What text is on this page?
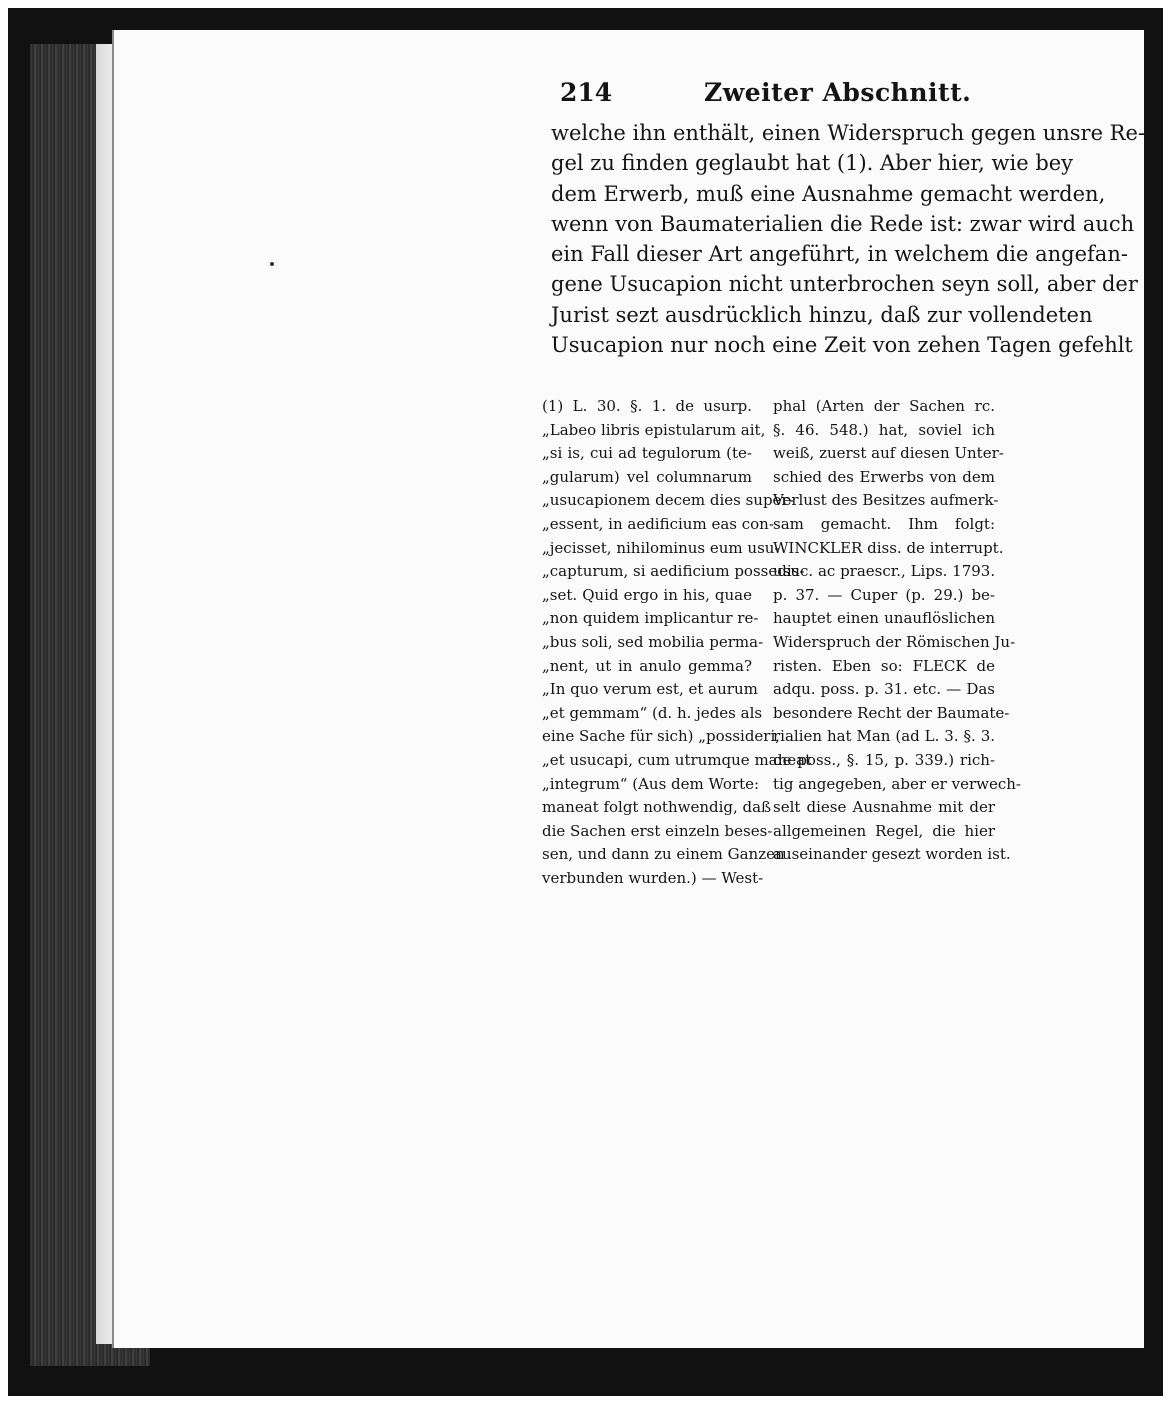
214	Zweiter Abschnitt.
welche ihn enthält, einen Widerspruch gegen unsre Re-
gel zu finden geglaubt hat (1). Aber hier, wie bey
dem Erwerb, muß eine Ausnahme gemacht werden,
wenn von Baumaterialien die Rede ist: zwar wird auch
ein Fall dieser Art angeführt, in welchem die angefan-
gene Usucapion nicht unterbrochen seyn soll, aber der
Jurist sezt ausdrücklich hinzu, daß zur vollendeten
Usucapion nur noch eine Zeit von zehen Tagen gefehlt
(1) L. 30. §. 1. de usurp.
„Labeo libris epistularum ait,
„si is, cui ad tegulorum (te-
„gularum) vel columnarum
„usucapionem decem dies super-
„essent, in aedificium eas con-
„jecisset, nihilominus eum usu-
„capturum, si aedificium possedis-
„set. Quid ergo in his, quae
„non quidem implicantur re-
„bus soli, sed mobilia perma-
„nent, ut in anulo gemma?
„In quo verum est, et aurum
„et gemmam“ (d. h. jedes als
eine Sache für sich) „possideri,
„et usucapi, cum utrumque maneat
„integrum“ (Aus dem Worte:
maneat folgt nothwendig, daß
die Sachen erst einzeln beses-
sen, und dann zu einem Ganzen
verbunden wurden.) — West-
phal (Arten der Sachen rc.
§. 46. 548.) hat, soviel ich
weiß, zuerst auf diesen Unter-
schied des Erwerbs von dem
Verlust des Besitzes aufmerk-
sam gemacht. Ihm folgt:
WINCKLER diss. de interrupt.
usuc. ac praescr., Lips. 1793.
p. 37. — Cuper (p. 29.) be-
hauptet einen unauflöslichen
Widerspruch der Römischen Ju-
risten. Eben so: FLECK de
adqu. poss. p. 31. etc. — Das
besondere Recht der Baumate-
rialien hat Man (ad L. 3. §. 3.
de poss., §. 15, p. 339.) rich-
tig angegeben, aber er verwech-
selt diese Ausnahme mit der
allgemeinen Regel, die hier
auseinander gesezt worden ist.
